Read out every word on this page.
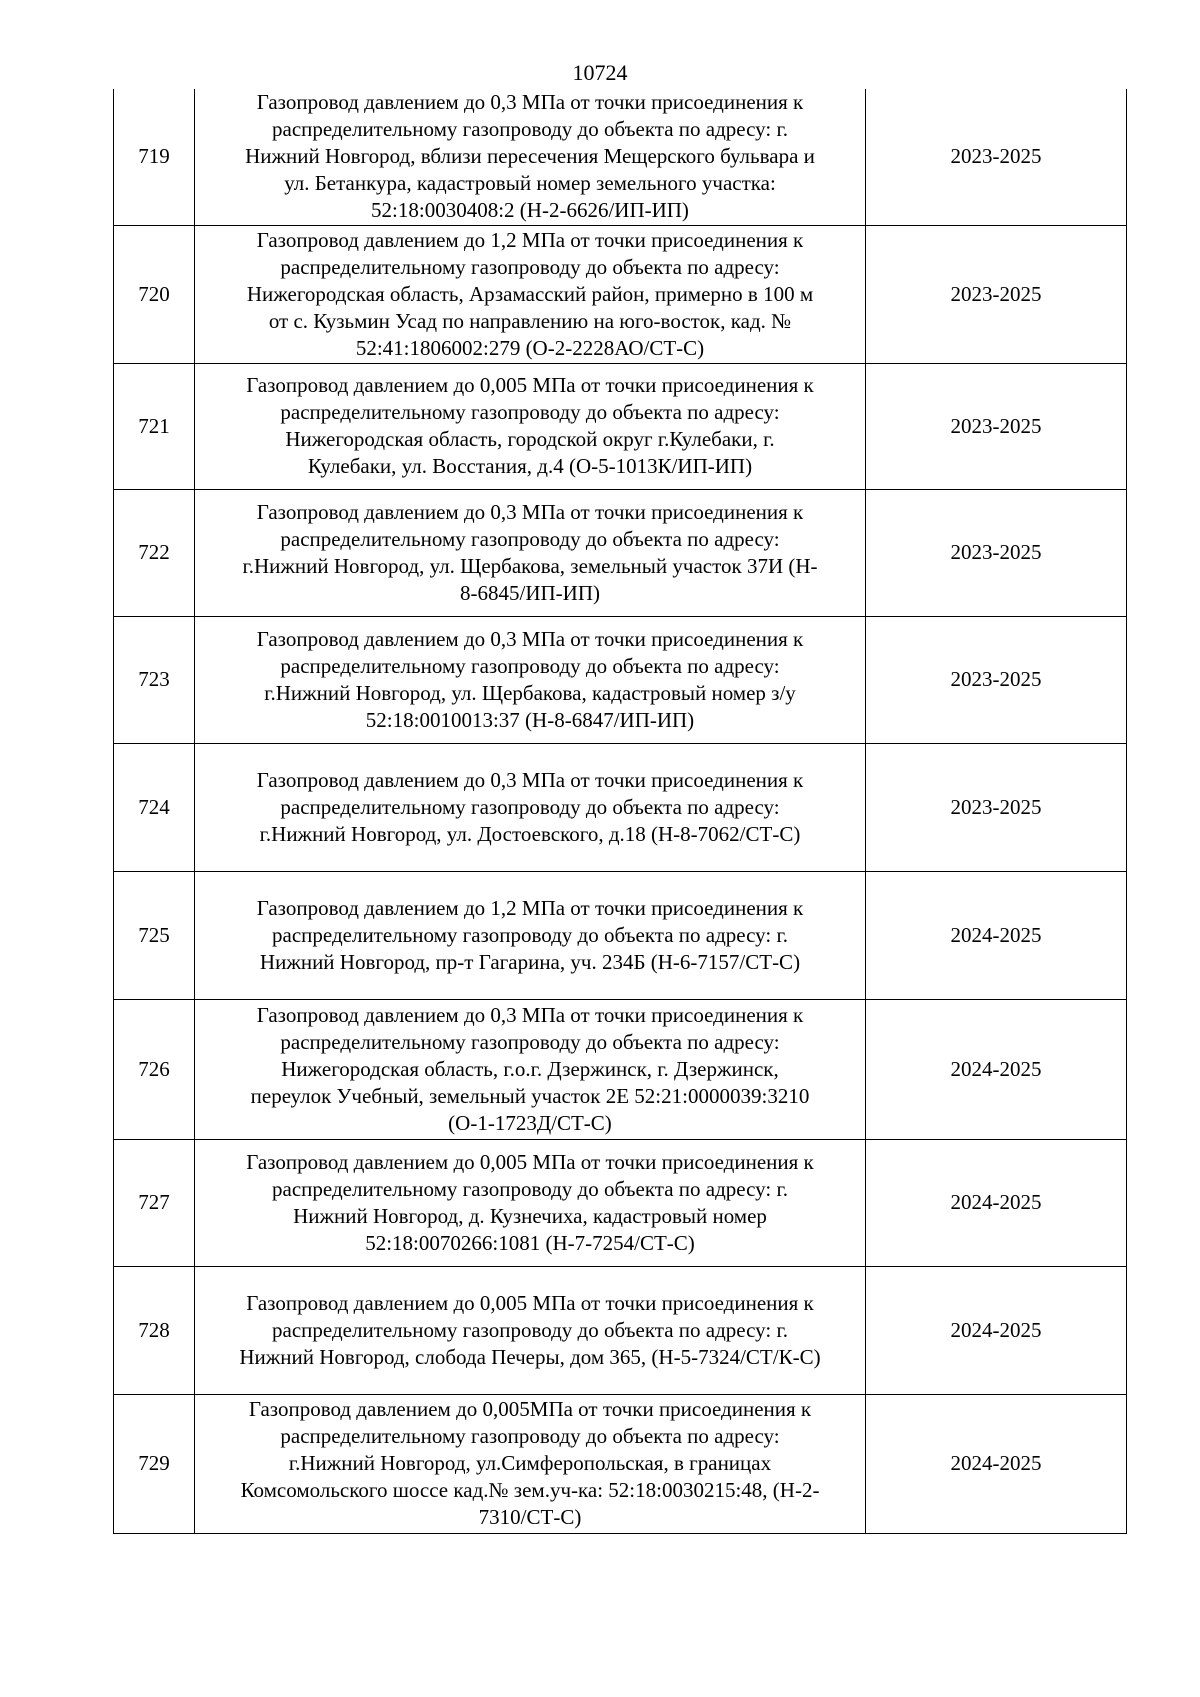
10724
719	Газопровод давлением до 0,3 МПа от точки присоединения к
распределительному газопроводу до объекта по адресу: г.
Нижний Новгород, вблизи пересечения Мещерского бульвара и
ул. Бетанкура, кадастровый номер земельного участка:
52:18:0030408:2 (Н-2-6626/ИП-ИП)	2023-2025
720	Газопровод давлением до 1,2 МПа от точки присоединения к
распределительному газопроводу до объекта по адресу:
Нижегородская область, Арзамасский район, примерно в 100 м
от с. Кузьмин Усад по направлению на юго-восток, кад. №
52:41:1806002:279 (О-2-2228АО/СТ-С)	2023-2025
721	Газопровод давлением до 0,005 МПа от точки присоединения к
распределительному газопроводу до объекта по адресу:
Нижегородская область, городской округ г.Кулебаки, г.
Кулебаки, ул. Восстания, д.4 (О-5-1013К/ИП-ИП)	2023-2025
722	Газопровод давлением до 0,3 МПа от точки присоединения к
распределительному газопроводу до объекта по адресу:
г.Нижний Новгород, ул. Щербакова, земельный участок 37И (Н-
8-6845/ИП-ИП)	2023-2025
723	Газопровод давлением до 0,3 МПа от точки присоединения к
распределительному газопроводу до объекта по адресу:
г.Нижний Новгород, ул. Щербакова, кадастровый номер з/у
52:18:0010013:37 (Н-8-6847/ИП-ИП)	2023-2025
724	Газопровод давлением до 0,3 МПа от точки присоединения к
распределительному газопроводу до объекта по адресу:
г.Нижний Новгород, ул. Достоевского, д.18 (Н-8-7062/СТ-С)	2023-2025
725	Газопровод давлением до 1,2 МПа от точки присоединения к
распределительному газопроводу до объекта по адресу: г.
Нижний Новгород, пр-т Гагарина, уч. 234Б (Н-6-7157/СТ-С)	2024-2025
726	Газопровод давлением до 0,3 МПа от точки присоединения к
распределительному газопроводу до объекта по адресу:
Нижегородская область, г.о.г. Дзержинск, г. Дзержинск,
переулок Учебный, земельный участок 2Е 52:21:0000039:3210
(О-1-1723Д/СТ-С)	2024-2025
727	Газопровод давлением до 0,005 МПа от точки присоединения к
распределительному газопроводу до объекта по адресу: г.
Нижний Новгород, д. Кузнечиха, кадастровый номер
52:18:0070266:1081 (Н-7-7254/СТ-С)	2024-2025
728	Газопровод давлением до 0,005 МПа от точки присоединения к
распределительному газопроводу до объекта по адресу: г.
Нижний Новгород, слобода Печеры, дом 365, (Н-5-7324/СТ/К-С)	2024-2025
729	Газопровод давлением до 0,005МПа от точки присоединения к
распределительному газопроводу до объекта по адресу:
г.Нижний Новгород, ул.Симферопольская, в границах
Комсомольского шоссе кад.№ зем.уч-ка: 52:18:0030215:48, (Н-2-
7310/СТ-С)	2024-2025
